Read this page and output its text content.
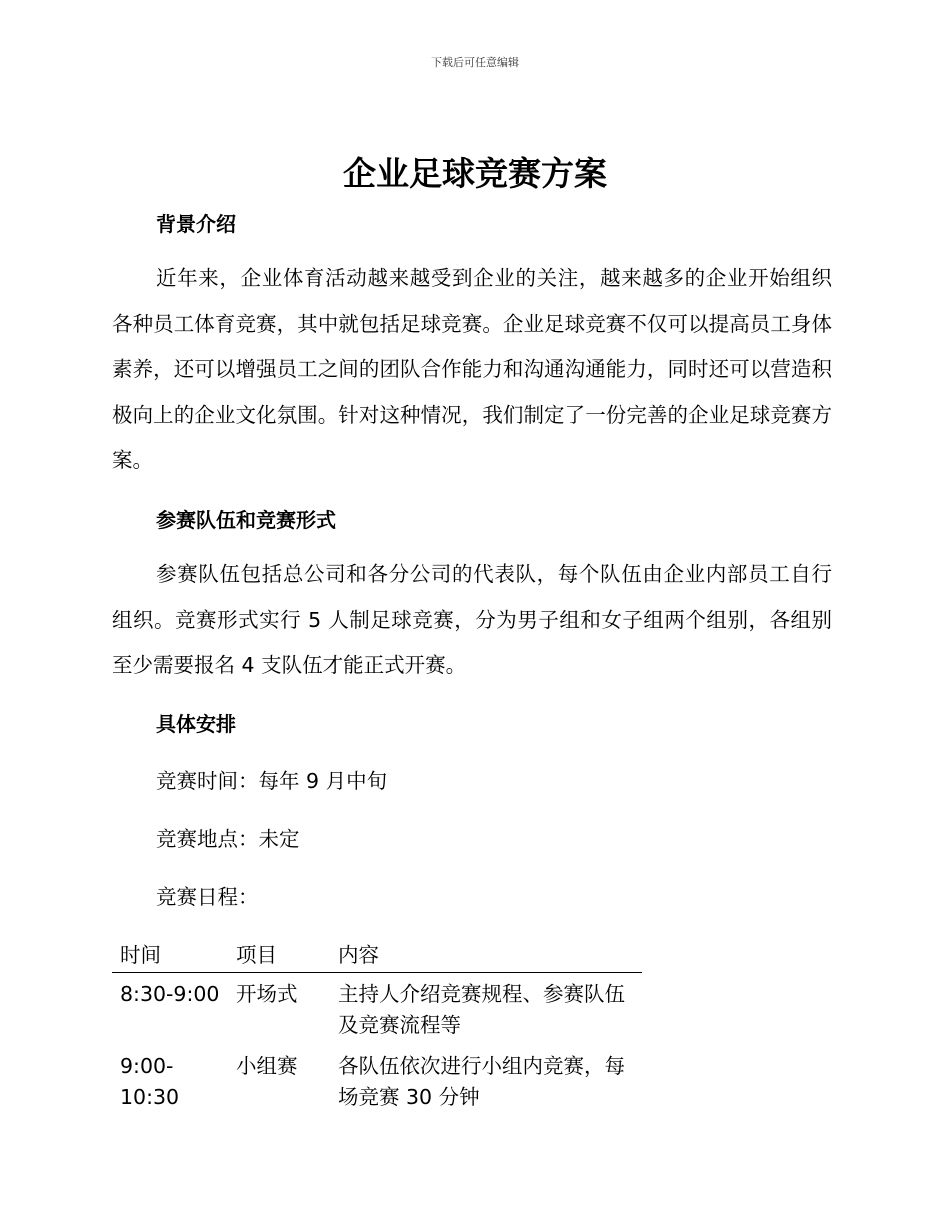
下载后可任意编辑
企业足球竞赛方案
背景介绍
近年来，企业体育活动越来越受到企业的关注，越来越多的企业开始组织各种员工体育竞赛，其中就包括足球竞赛。企业足球竞赛不仅可以提高员工身体素养，还可以增强员工之间的团队合作能力和沟通沟通能力，同时还可以营造积极向上的企业文化氛围。针对这种情况，我们制定了一份完善的企业足球竞赛方案。
参赛队伍和竞赛形式
参赛队伍包括总公司和各分公司的代表队，每个队伍由企业内部员工自行组织。竞赛形式实行 5 人制足球竞赛，分为男子组和女子组两个组别，各组别至少需要报名 4 支队伍才能正式开赛。
具体安排
竞赛时间：每年 9 月中旬
竞赛地点：未定
竞赛日程：
时间	项目	内容
8:30-9:00	开场式	主持人介绍竞赛规程、参赛队伍及竞赛流程等
9:00-10:30	小组赛	各队伍依次进行小组内竞赛，每场竞赛 30 分钟
